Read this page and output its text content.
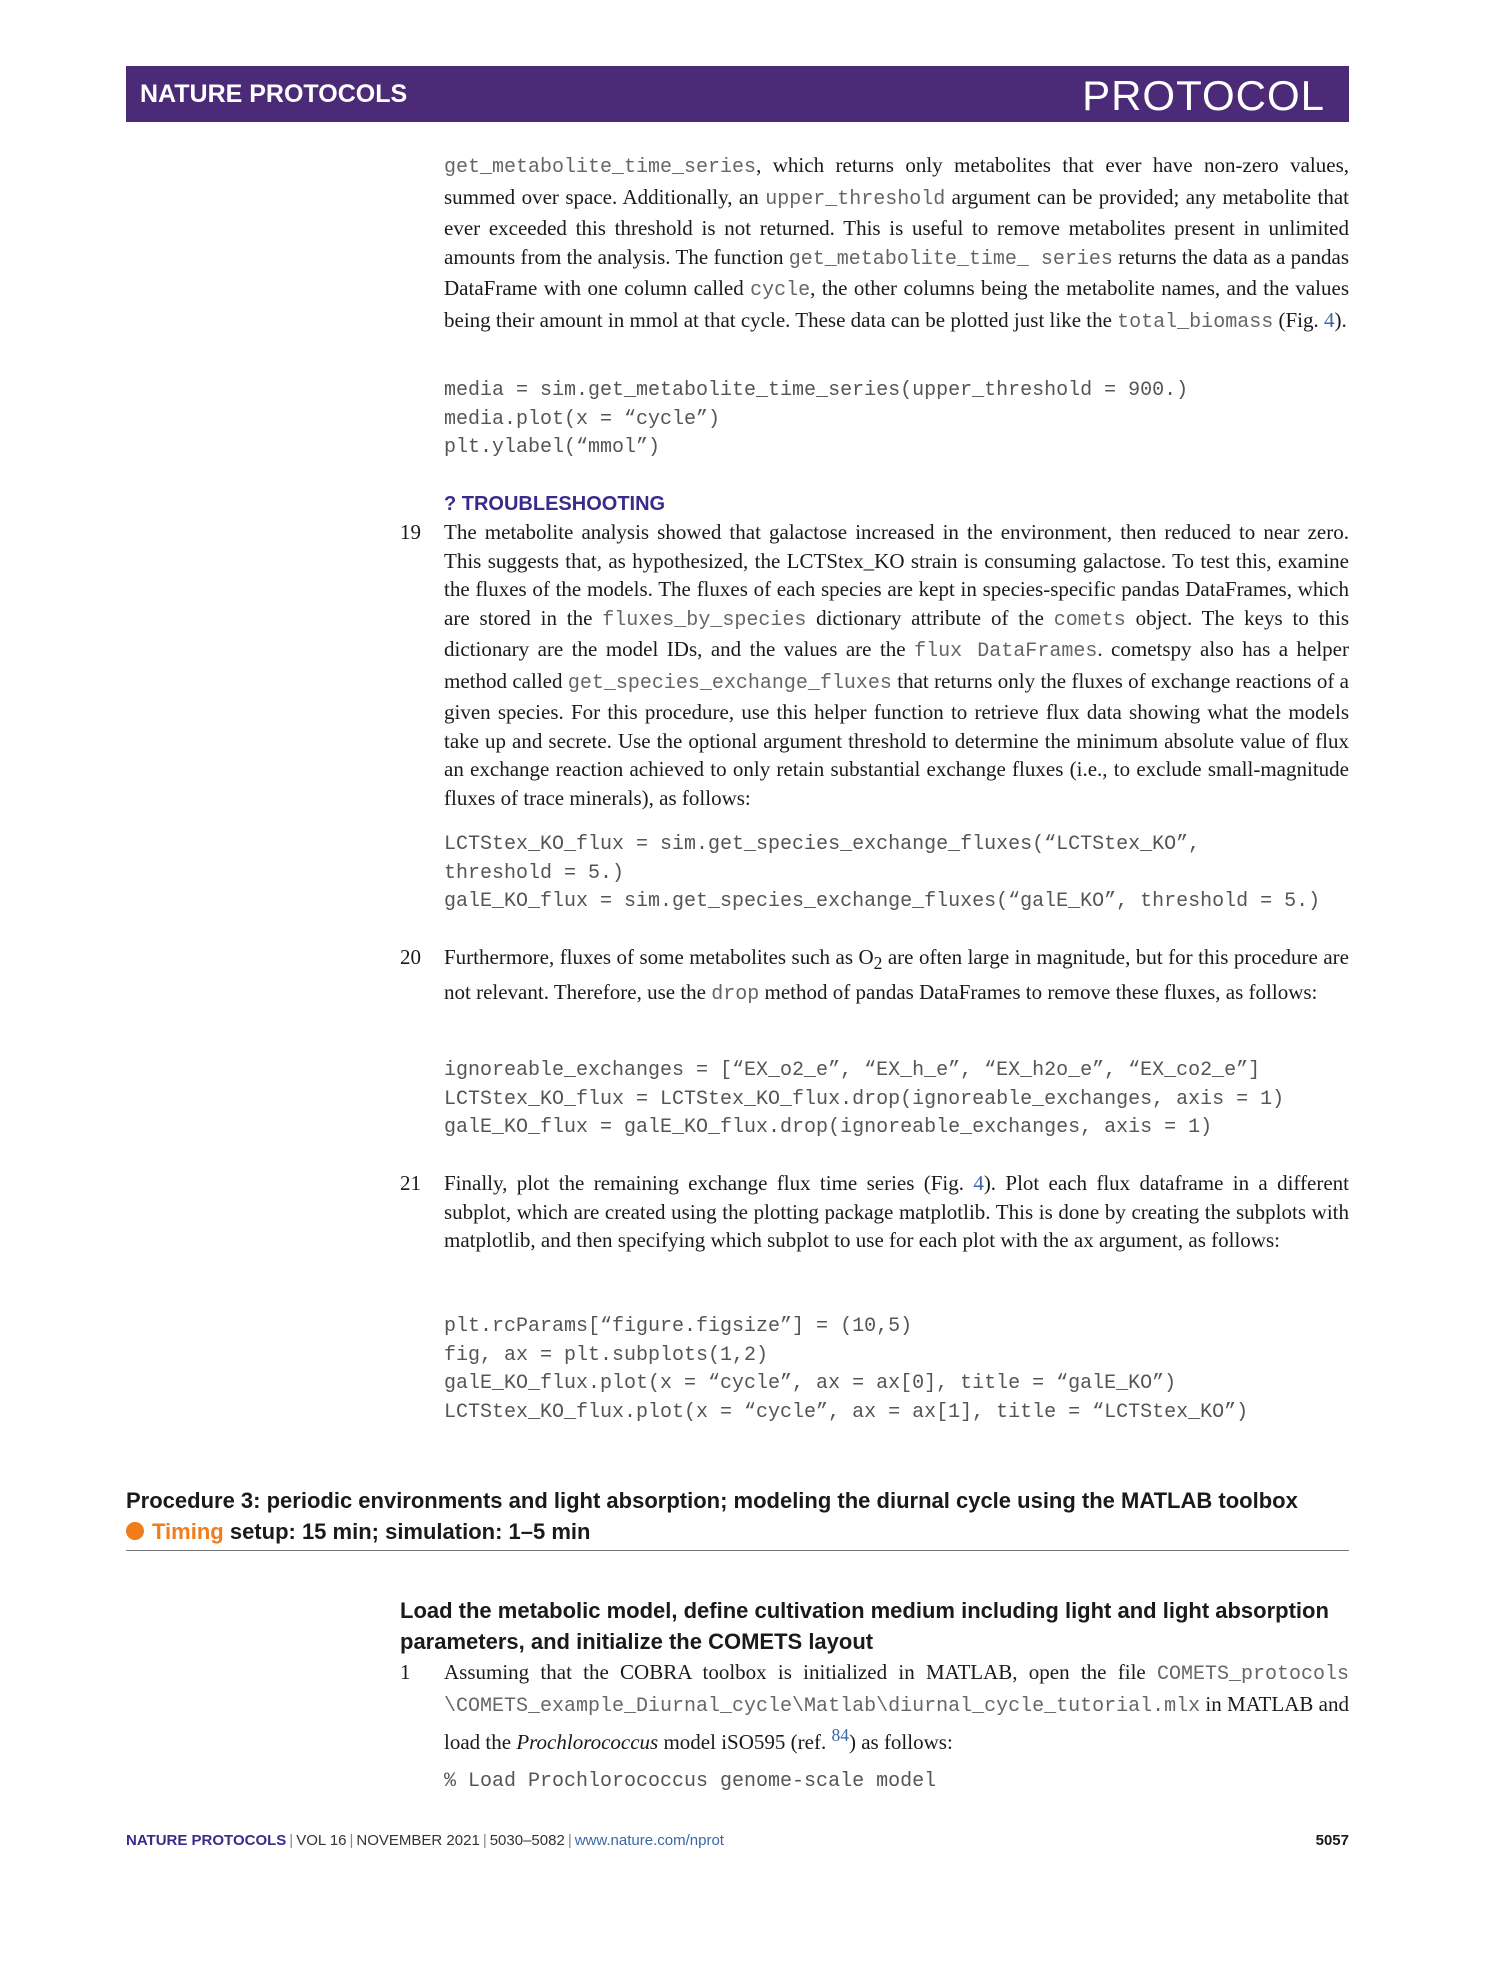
NATURE PROTOCOLS	PROTOCOL
get_metabolite_time_series, which returns only metabolites that ever have non-zero values, summed over space. Additionally, an upper_threshold argument can be provided; any metabolite that ever exceeded this threshold is not returned. This is useful to remove metabolites present in unlimited amounts from the analysis. The function get_metabolite_time_ series returns the data as a pandas DataFrame with one column called cycle, the other columns being the metabolite names, and the values being their amount in mmol at that cycle. These data can be plotted just like the total_biomass (Fig. 4).
media = sim.get_metabolite_time_series(upper_threshold = 900.)
media.plot(x = “cycle”)
plt.ylabel(“mmol”)
? TROUBLESHOOTING
19 The metabolite analysis showed that galactose increased in the environment, then reduced to near zero. This suggests that, as hypothesized, the LCTStex_KO strain is consuming galactose. To test this, examine the fluxes of the models. The fluxes of each species are kept in species-specific pandas DataFrames, which are stored in the fluxes_by_species dictionary attribute of the comets object. The keys to this dictionary are the model IDs, and the values are the flux DataFrames. cometspy also has a helper method called get_species_exchange_fluxes that returns only the fluxes of exchange reactions of a given species. For this procedure, use this helper function to retrieve flux data showing what the models take up and secrete. Use the optional argument threshold to determine the minimum absolute value of flux an exchange reaction achieved to only retain substantial exchange fluxes (i.e., to exclude small-magnitude fluxes of trace minerals), as follows:
LCTStex_KO_flux = sim.get_species_exchange_fluxes(“LCTStex_KO”,
threshold = 5.)
galE_KO_flux = sim.get_species_exchange_fluxes(“galE_KO”, threshold = 5.)
20 Furthermore, fluxes of some metabolites such as $O_2$ are often large in magnitude, but for this procedure are not relevant. Therefore, use the drop method of pandas DataFrames to remove these fluxes, as follows:
ignoreable_exchanges = [“EX_o2_e”, “EX_h_e”, “EX_h2o_e”, “EX_co2_e”]
LCTStex_KO_flux = LCTStex_KO_flux.drop(ignoreable_exchanges, axis = 1)
galE_KO_flux = galE_KO_flux.drop(ignoreable_exchanges, axis = 1)
21 Finally, plot the remaining exchange flux time series (Fig. 4). Plot each flux dataframe in a different subplot, which are created using the plotting package matplotlib. This is done by creating the subplots with matplotlib, and then specifying which subplot to use for each plot with the ax argument, as follows:
plt.rcParams[“figure.figsize”] = (10,5)
fig, ax = plt.subplots(1,2)
galE_KO_flux.plot(x = “cycle”, ax = ax[0], title = “galE_KO”)
LCTStex_KO_flux.plot(x = “cycle”, ax = ax[1], title = “LCTStex_KO”)
Procedure 3: periodic environments and light absorption; modeling the diurnal cycle using the MATLAB toolbox
Timing setup: 15 min; simulation: 1–5 min
Load the metabolic model, define cultivation medium including light and light absorption parameters, and initialize the COMETS layout
1 Assuming that the COBRA toolbox is initialized in MATLAB, open the file COMETS_protocols \COMETS_example_Diurnal_cycle\Matlab\diurnal_cycle_tutorial.mlx in MATLAB and load the Prochlorococcus model iSO595 (ref. $^{84}$) as follows:
% Load Prochlorococcus genome-scale model
NATURE PROTOCOLS | VOL 16 | NOVEMBER 2021 | 5030–5082 | www.nature.com/nprot	5057
